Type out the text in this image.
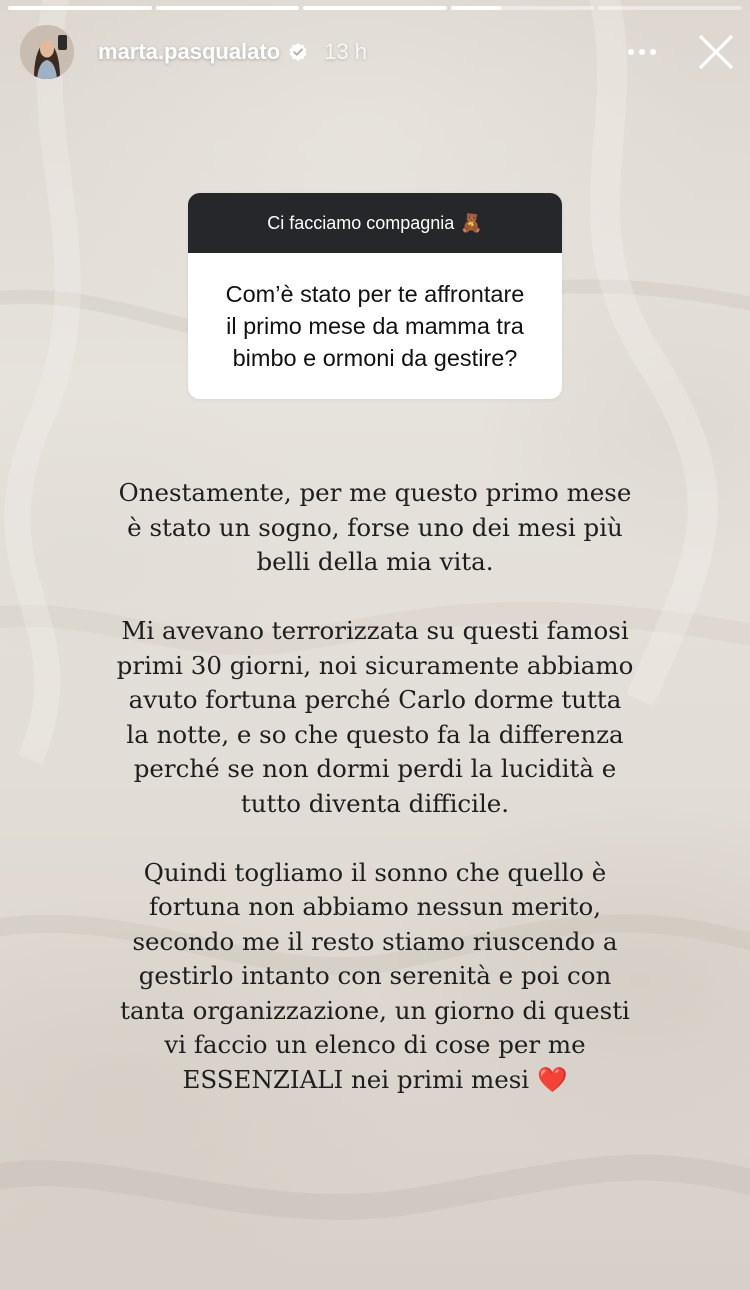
marta.pasqualato 13 h
Ci facciamo compagnia 🧸
Com’è stato per te affrontare
il primo mese da mamma tra
bimbo e ormoni da gestire?

Onestamente, per me questo primo mese
è stato un sogno, forse uno dei mesi più
belli della mia vita.

Mi avevano terrorizzata su questi famosi
primi 30 giorni, noi sicuramente abbiamo
avuto fortuna perché Carlo dorme tutta
la notte, e so che questo fa la differenza
perché se non dormi perdi la lucidità e
tutto diventa difficile.

Quindi togliamo il sonno che quello è
fortuna non abbiamo nessun merito,
secondo me il resto stiamo riuscendo a
gestirlo intanto con serenità e poi con
tanta organizzazione, un giorno di questi
vi faccio un elenco di cose per me
ESSENZIALI nei primi mesi ❤️
